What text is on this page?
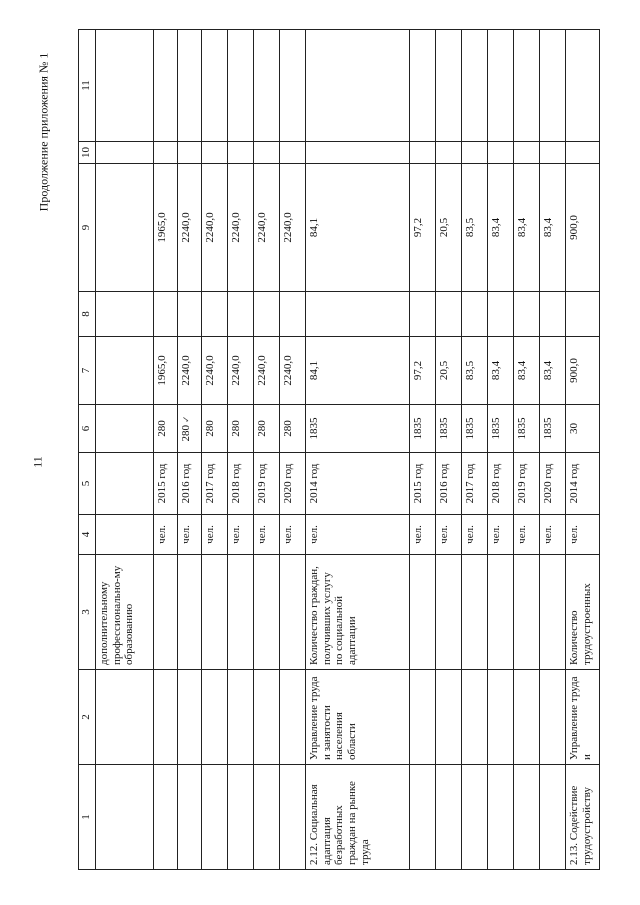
11
Продолжение приложения № 1
1	2	3	4	5	6	7	8	9	10	11
		дополнительному профессионально-му образованию								
			чел.	2015 год	280	1965,0		1965,0		
			чел.	2016 год	280✓	2240,0		2240,0		
			чел.	2017 год	280	2240,0		2240,0		
			чел.	2018 год	280	2240,0		2240,0		
			чел.	2019 год	280	2240,0		2240,0		
			чел.	2020 год	280	2240,0		2240,0		
2.12. Социальная адаптация безработных граждан на рынке труда	Управление труда и занятости населения области	Количество граждан, получивших услугу по социальной адаптации	чел.	2014 год	1835	84,1		84,1		
			чел.	2015 год	1835	97,2		97,2		
			чел.	2016 год	1835	20,5		20,5		
			чел.	2017 год	1835	83,5		83,5		
			чел.	2018 год	1835	83,4		83,4		
			чел.	2019 год	1835	83,4		83,4		
			чел.	2020 год	1835	83,4		83,4		
2.13. Содействие трудоустройству	Управление труда и	Количество трудоустроенных	чел.	2014 год	30	900,0		900,0		
